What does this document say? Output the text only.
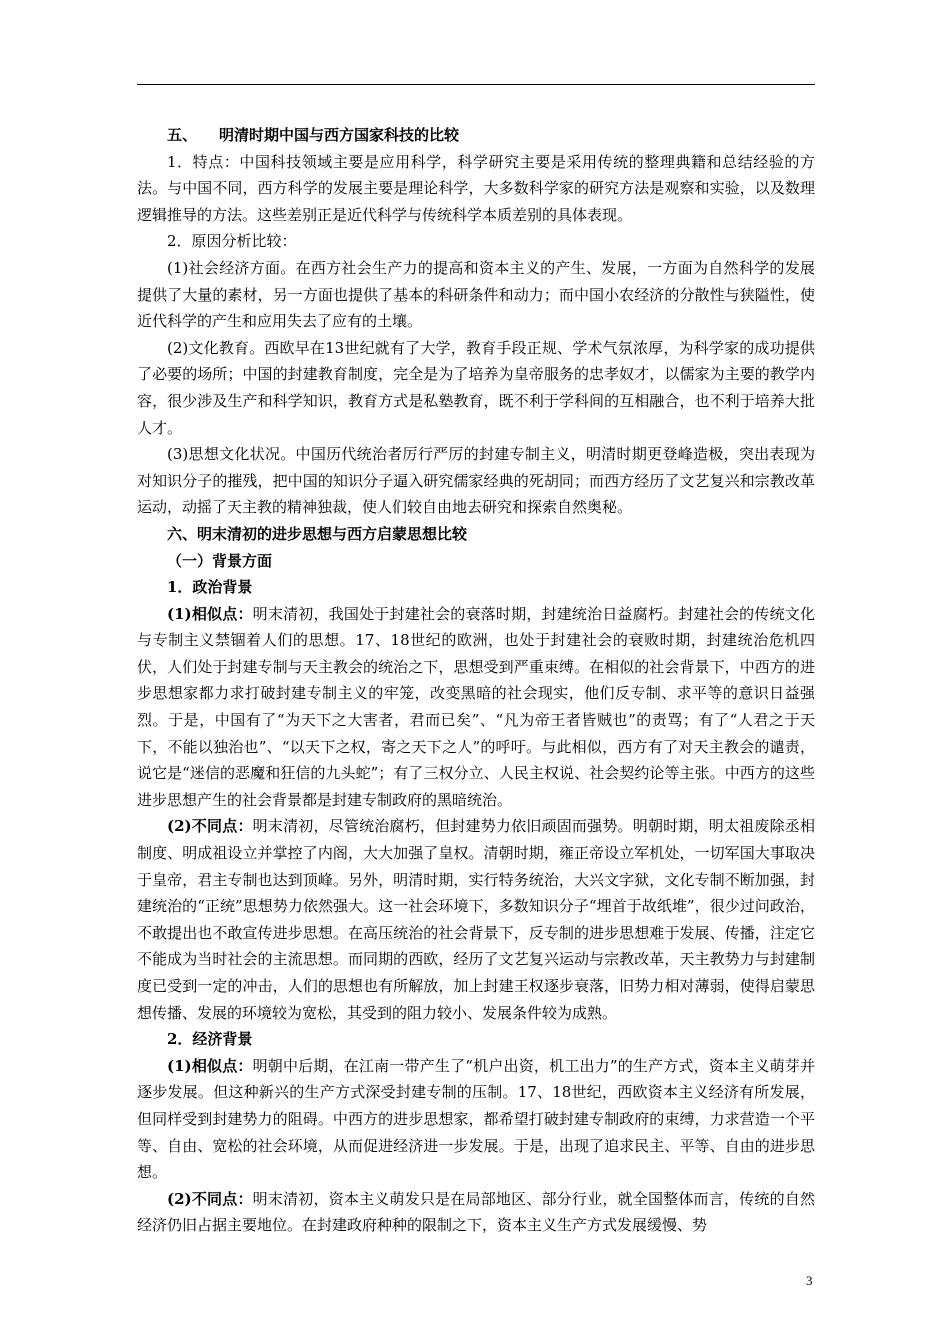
五、 明清时期中国与西方国家科技的比较

1．特点：中国科技领域主要是应用科学，科学研究主要是采用传统的整理典籍和总结经验的方法。与中国不同，西方科学的发展主要是理论科学，大多数科学家的研究方法是观察和实验，以及数理逻辑推导的方法。这些差别正是近代科学与传统科学本质差别的具体表现。

2．原因分析比较：

(1)社会经济方面。在西方社会生产力的提高和资本主义的产生、发展，一方面为自然科学的发展提供了大量的素材，另一方面也提供了基本的科研条件和动力；而中国小农经济的分散性与狭隘性，使近代科学的产生和应用失去了应有的土壤。

(2)文化教育。西欧早在13世纪就有了大学，教育手段正规、学术气氛浓厚，为科学家的成功提供了必要的场所；中国的封建教育制度，完全是为了培养为皇帝服务的忠孝奴才，以儒家为主要的教学内容，很少涉及生产和科学知识，教育方式是私塾教育，既不利于学科间的互相融合，也不利于培养大批人才。

(3)思想文化状况。中国历代统治者厉行严厉的封建专制主义，明清时期更登峰造极，突出表现为对知识分子的摧残，把中国的知识分子逼入研究儒家经典的死胡同；而西方经历了文艺复兴和宗教改革运动，动摇了天主教的精神独裁，使人们较自由地去研究和探索自然奥秘。

六、明末清初的进步思想与西方启蒙思想比较

（一）背景方面

1．政治背景

(1)相似点：明末清初，我国处于封建社会的衰落时期，封建统治日益腐朽。封建社会的传统文化与专制主义禁锢着人们的思想。17、18世纪的欧洲，也处于封建社会的衰败时期，封建统治危机四伏，人们处于封建专制与天主教会的统治之下，思想受到严重束缚。在相似的社会背景下，中西方的进步思想家都力求打破封建专制主义的牢笼，改变黑暗的社会现实，他们反专制、求平等的意识日益强烈。于是，中国有了“为天下之大害者，君而已矣”、“凡为帝王者皆贼也”的责骂；有了“人君之于天下，不能以独治也”、“以天下之权，寄之天下之人”的呼吁。与此相似，西方有了对天主教会的谴责，说它是“迷信的恶魔和狂信的九头蛇”；有了三权分立、人民主权说、社会契约论等主张。中西方的这些进步思想产生的社会背景都是封建专制政府的黑暗统治。

(2)不同点：明末清初，尽管统治腐朽，但封建势力依旧顽固而强势。明朝时期，明太祖废除丞相制度、明成祖设立并掌控了内阁，大大加强了皇权。清朝时期，雍正帝设立军机处，一切军国大事取决于皇帝，君主专制也达到顶峰。另外，明清时期，实行特务统治，大兴文字狱，文化专制不断加强，封建统治的“正统”思想势力依然强大。这一社会环境下，多数知识分子“埋首于故纸堆”，很少过问政治，不敢提出也不敢宣传进步思想。在高压统治的社会背景下，反专制的进步思想难于发展、传播，注定它不能成为当时社会的主流思想。而同期的西欧，经历了文艺复兴运动与宗教改革，天主教势力与封建制度已受到一定的冲击，人们的思想也有所解放，加上封建王权逐步衰落，旧势力相对薄弱，使得启蒙思想传播、发展的环境较为宽松，其受到的阻力较小、发展条件较为成熟。

2．经济背景

(1)相似点：明朝中后期，在江南一带产生了“机户出资，机工出力”的生产方式，资本主义萌芽并逐步发展。但这种新兴的生产方式深受封建专制的压制。17、18世纪，西欧资本主义经济有所发展，但同样受到封建势力的阻碍。中西方的进步思想家，都希望打破封建专制政府的束缚，力求营造一个平等、自由、宽松的社会环境，从而促进经济进一步发展。于是，出现了追求民主、平等、自由的进步思想。

(2)不同点：明末清初，资本主义萌发只是在局部地区、部分行业，就全国整体而言，传统的自然经济仍旧占据主要地位。在封建政府种种的限制之下，资本主义生产方式发展缓慢、势

3
